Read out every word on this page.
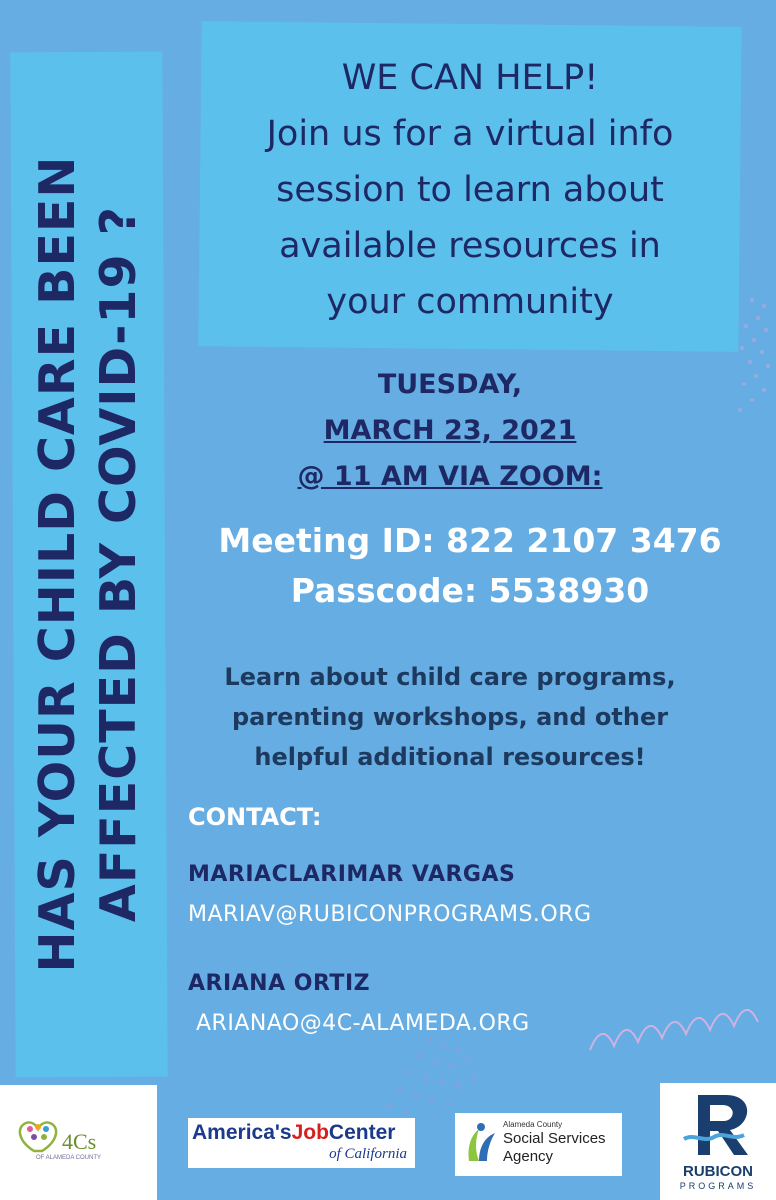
HAS YOUR CHILD CARE BEEN AFFECTED BY COVID-19 ?
WE CAN HELP!
Join us for a virtual info
session to learn about
available resources in
your community
TUESDAY,
MARCH 23, 2021
@ 11 AM VIA ZOOM:
Meeting ID: 822 2107 3476
Passcode: 5538930
Learn about child care programs,
parenting workshops, and other
helpful additional resources!
CONTACT:
MARIACLARIMAR VARGAS
MARIAV@RUBICONPROGRAMS.ORG
ARIANA ORTIZ
ARIANAO@4C-ALAMEDA.ORG
4Cs
OF ALAMEDA COUNTY
America'sJobCenter
of California
Alameda County
Social Services
Agency
RUBICON
PROGRAMS
